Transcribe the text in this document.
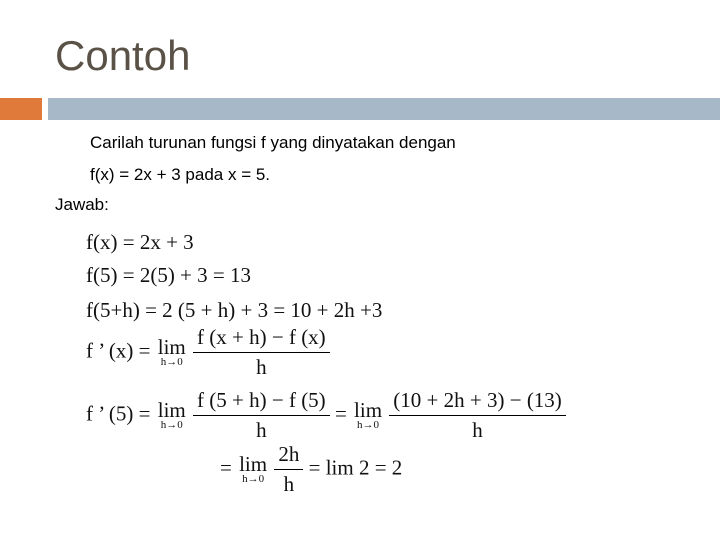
Contoh
Carilah turunan fungsi f yang dinyatakan dengan
f(x) = 2x + 3 pada x = 5.
Jawab:
f(x) = 2x + 3
f(5) = 2(5) + 3 = 13
f(5+h) = 2 (5 + h) + 3 = 10 + 2h +3
f ’ (x) = lim
h→0
$\frac{f (x + h) - f (x)}{h}$
f ’ (5) = lim
h→0
$\frac{f (5 + h) - f (5)}{h} = \lim$
h→0
$\frac{(10 + 2h + 3) - (13)}{h}$
= lim
h→0
$\frac{2h}{h} = \lim 2 = 2$
